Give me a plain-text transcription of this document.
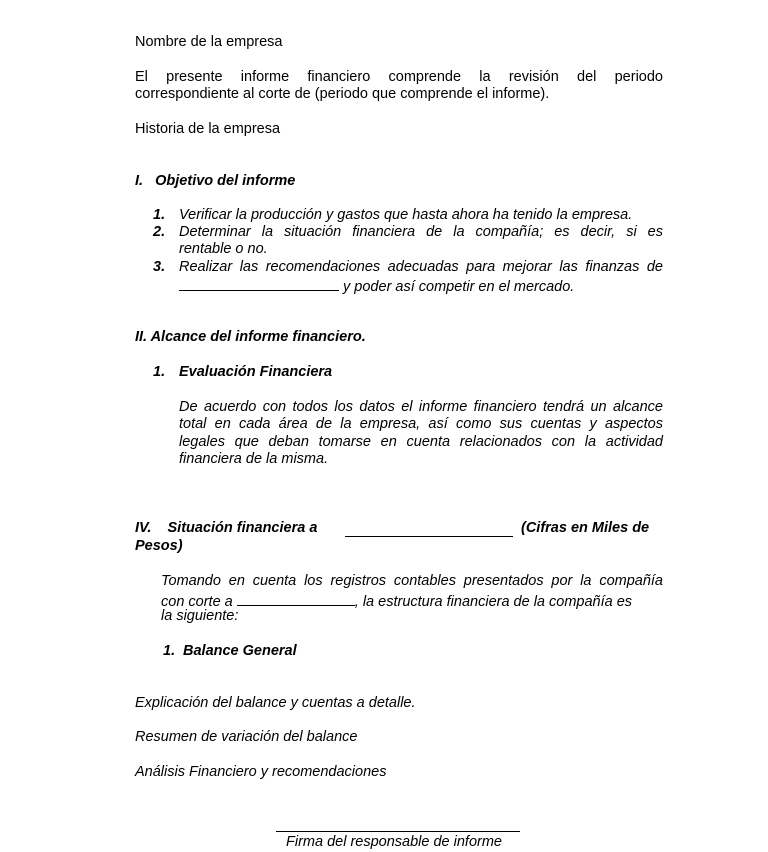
Nombre de la empresa

El presente informe financiero comprende la revisión del periodo

correspondiente al corte de (periodo que comprende el informe).

Historia de la empresa

I.   Objetivo del informe

1. Verificar la producción y gastos que hasta ahora ha tenido la empresa.

2. Determinar la situación financiera de la compañía; es decir, si es

rentable o no.

3. Realizar las recomendaciones adecuadas para mejorar las finanzas de

y poder así competir en el mercado.

II. Alcance del informe financiero.

1. Evaluación Financiera

De acuerdo con todos los datos el informe financiero tendrá un alcance

total en cada área de la empresa, así como sus cuentas y aspectos

legales que deban tomarse en cuenta relacionados con la actividad

financiera de la misma.

IV.    Situación financiera a	(Cifras en Miles de

Pesos)

Tomando en cuenta los registros contables presentados por la compañía

con corte a	, la estructura financiera de la compañía es

la siguiente:

1. Balance General

Explicación del balance y cuentas a detalle.

Resumen de variación del balance

Análisis Financiero y recomendaciones

Firma del responsable de informe
